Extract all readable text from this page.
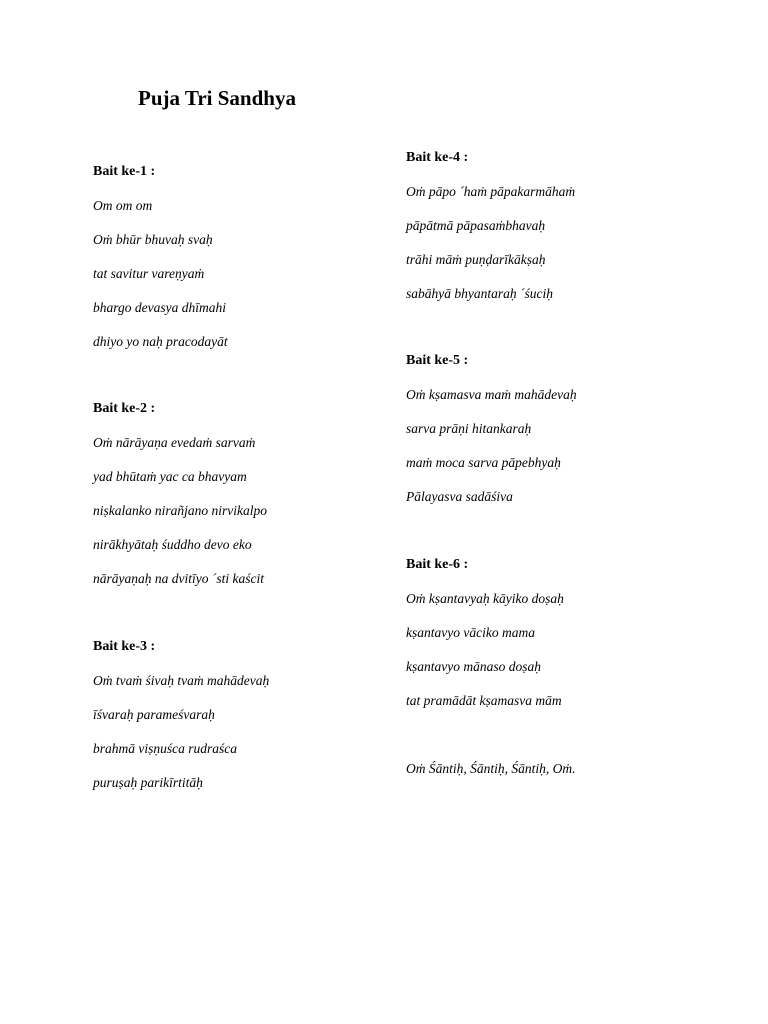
Puja Tri Sandhya
Bait ke-1 :
Om om om
Oṁ bhūr bhuvaḥ svaḥ
tat savitur vareṇyaṁ
bhargo devasya dhīmahi
dhiyo yo naḥ pracodayāt
Bait ke-2 :
Oṁ nārāyaṇa evedaṁ sarvaṁ
yad bhūtaṁ yac ca bhavyam
niṣkalanko nirañjano nirvikalpo
nirākhyātaḥ śuddho devo eko
nārāyaṇaḥ na dvitīyo ´sti kaścit
Bait ke-3 :
Oṁ tvaṁ śivaḥ tvaṁ mahādevaḥ
īśvaraḥ parameśvaraḥ
brahmā viṣṇuśca rudraśca
puruṣaḥ parikīrtitāḥ
Bait ke-4 :
Oṁ pāpo ´haṁ pāpakarmāhaṁ
pāpātmā pāpasaṁbhavaḥ
trāhi māṁ puṇḍarīkākṣaḥ
sabāhyā bhyantaraḥ ´śuciḥ
Bait ke-5 :
Oṁ kṣamasva maṁ mahādevaḥ
sarva prāṇi hitankaraḥ
maṁ moca sarva pāpebhyaḥ
Pālayasva sadāśiva
Bait ke-6 :
Oṁ kṣantavyaḥ kāyiko doṣaḥ
kṣantavyo vāciko mama
kṣantavyo mānaso doṣaḥ
tat pramādāt kṣamasva mām
Oṁ Śāntiḥ, Śāntiḥ, Śāntiḥ, Oṁ.
